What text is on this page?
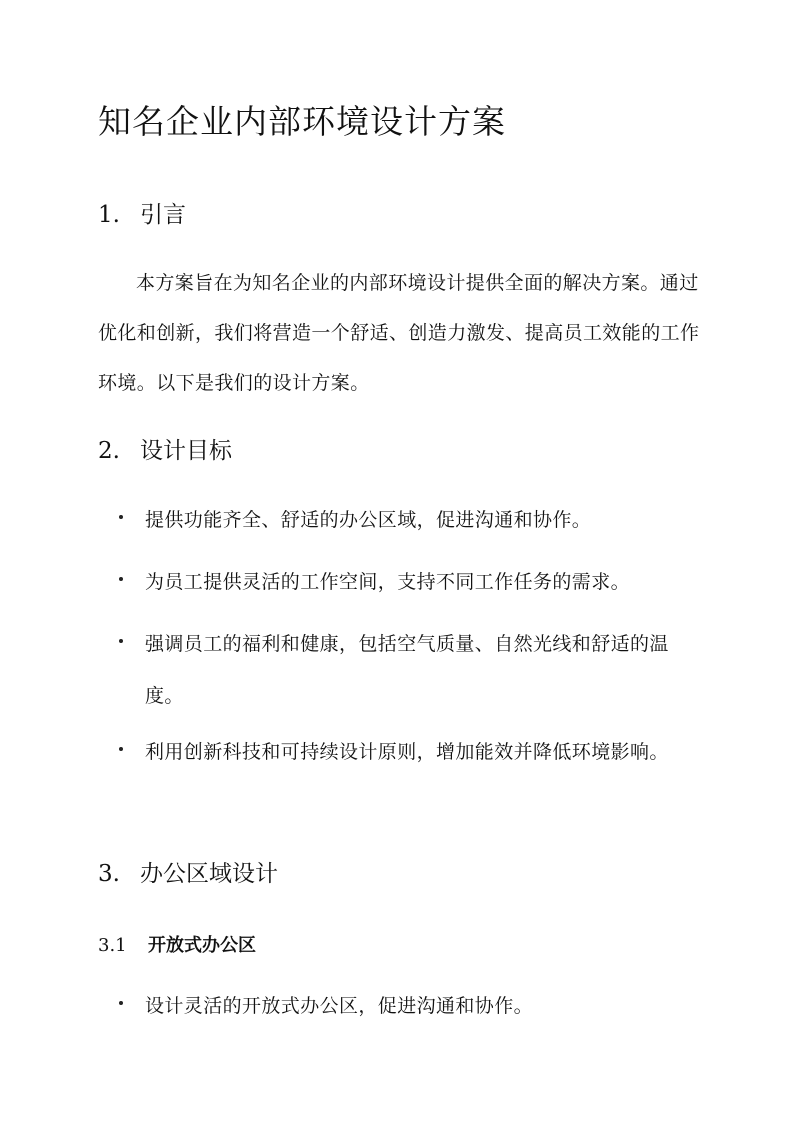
知名企业内部环境设计方案
1. 引言

本方案旨在为知名企业的内部环境设计提供全面的解决方案。通过优化和创新，我们将营造一个舒适、创造力激发、提高员工效能的工作环境。以下是我们的设计方案。

2. 设计目标
提供功能齐全、舒适的办公区域，促进沟通和协作。
为员工提供灵活的工作空间，支持不同工作任务的需求。
强调员工的福利和健康，包括空气质量、自然光线和舒适的温度。
利用创新科技和可持续设计原则，增加能效并降低环境影响。
3. 办公区域设计
3.1 开放式办公区
设计灵活的开放式办公区，促进沟通和协作。
